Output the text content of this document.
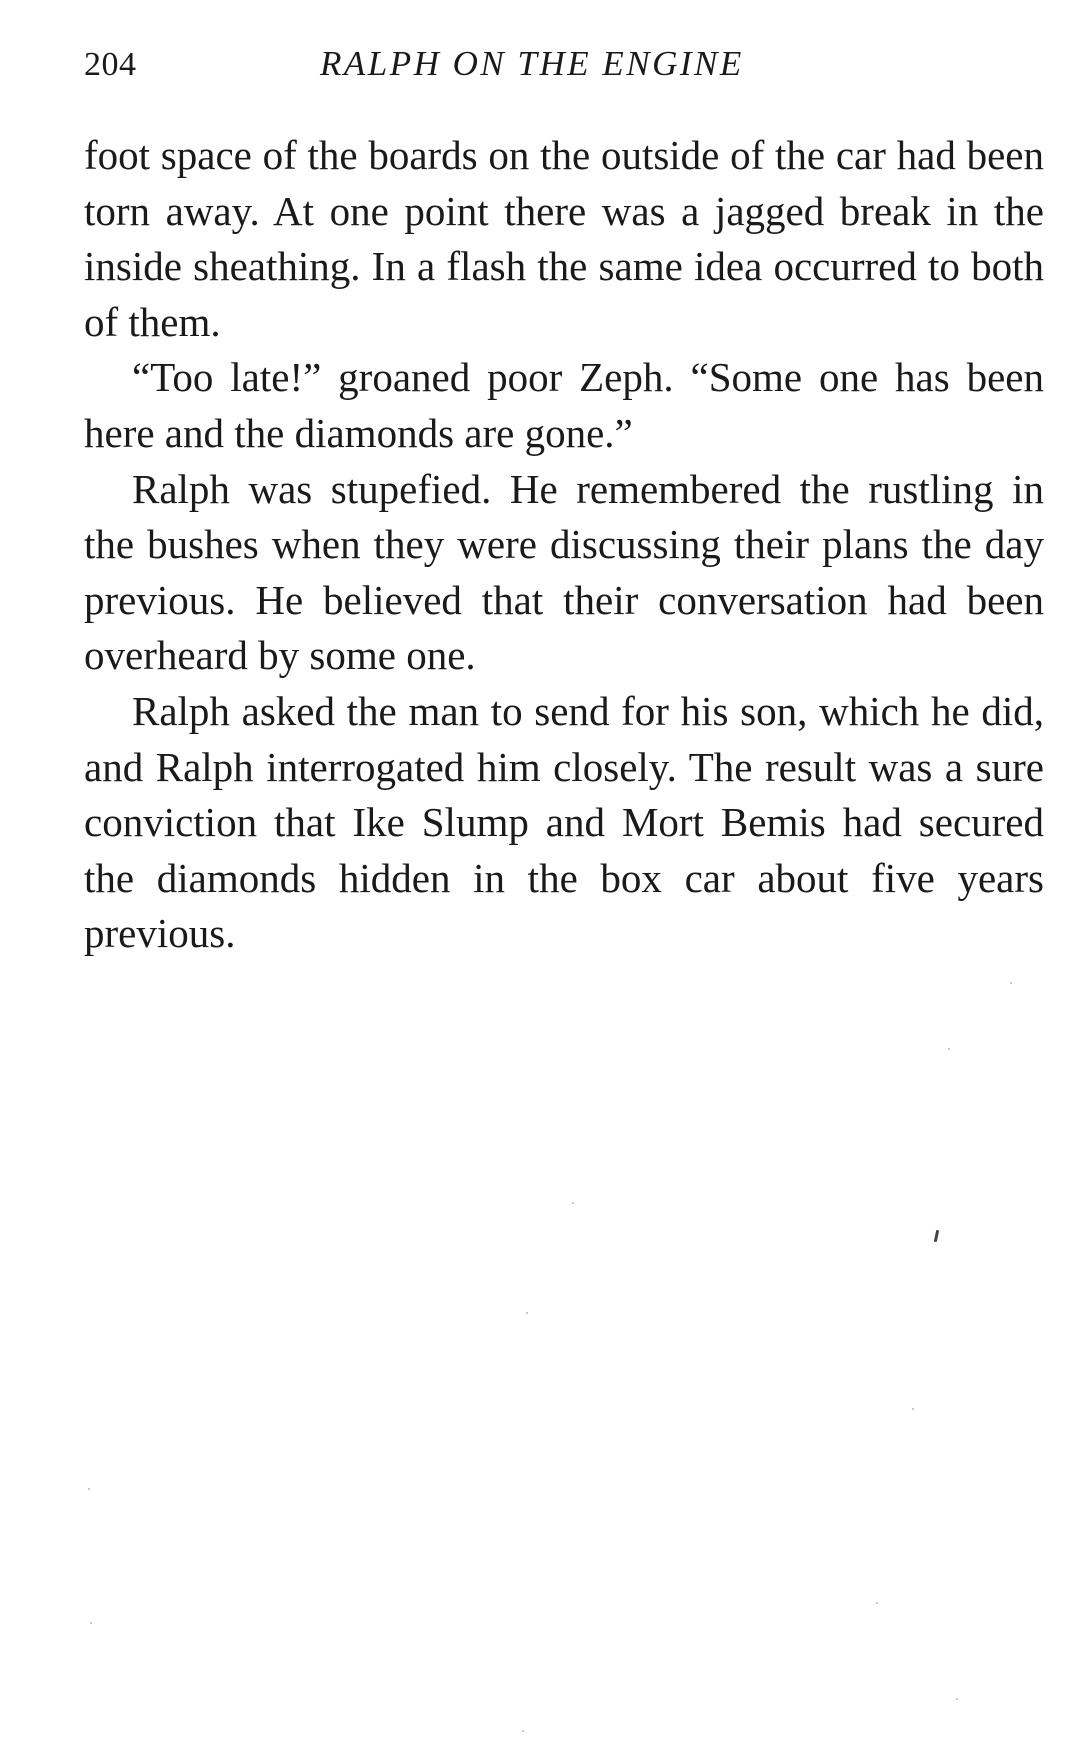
204	RALPH ON THE ENGINE

foot space of the boards on the outside of the car had been torn away. At one point there was a jagged break in the inside sheathing. In a flash the same idea occurred to both of them.

“Too late!” groaned poor Zeph. “Some one has been here and the diamonds are gone.”

Ralph was stupefied. He remembered the rustling in the bushes when they were discussing their plans the day previous. He believed that their conversation had been overheard by some one.

Ralph asked the man to send for his son, which he did, and Ralph interrogated him closely. The result was a sure conviction that Ike Slump and Mort Bemis had secured the diamonds hidden in the box car about five years previous.
